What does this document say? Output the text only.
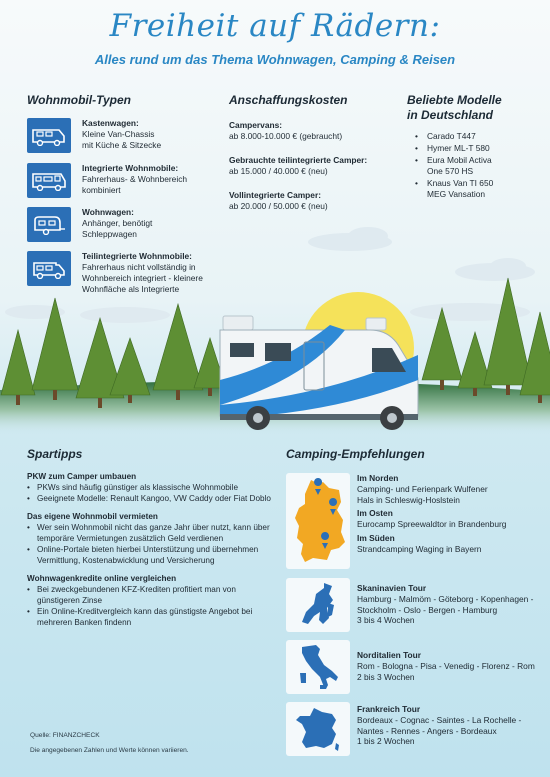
Freiheit auf Rädern:
Alles rund um das Thema Wohnwagen, Camping & Reisen
Wohnmobil-Typen
Kastenwagen:
Kleine Van-Chassis
mit Küche & Sitzecke
Integrierte Wohnmobile:
Fahrerhaus- & Wohnbereich
kombiniert
Wohnwagen:
Anhänger, benötigt
Schleppwagen
Teilintegrierte Wohnmobile:
Fahrerhaus nicht vollständig in
Wohnbereich integriert - kleinere
Wohnfläche als Integrierte
Anschaffungskosten
Campervans:
ab 8.000-10.000 € (gebraucht)
Gebrauchte teilintegrierte Camper:
ab 15.000 / 40.000 € (neu)
Vollintegrierte Camper:
ab 20.000 / 50.000 € (neu)
Beliebte Modelle
in Deutschland
• Carado T447
• Hymer ML-T 580
• Eura Mobil Activa
One 570 HS
• Knaus Van TI 650
MEG Vansation
Spartipps
PKW zum Camper umbauen
• PKWs sind häufig günstiger als klassische Wohnmobile
• Geeignete Modelle: Renault Kangoo, VW Caddy oder Fiat Doblo
Das eigene Wohnmobil vermieten
• Wer sein Wohnmobil nicht das ganze Jahr über nutzt, kann über temporäre Vermietungen zusätzlich Geld verdienen
• Online-Portale bieten hierbei Unterstützung und übernehmen Vermittlung, Kostenabwicklung und Versicherung
Wohnwagenkredite online vergleichen
• Bei zweckgebundenen KFZ-Krediten profitiert man von günstigeren Zinse
• Ein Online-Kreditvergleich kann das günstigste Angebot bei mehreren Banken findenn
Camping-Empfehlungen
Im Norden
Camping- und Ferienpark Wulfener
Hals in Schleswig-Hoslstein
Im Osten
Eurocamp Spreewaldtor in Brandenburg
Im Süden
Strandcamping Waging in Bayern
Skaninavien Tour
Hamburg - Malmöm - Göteborg - Kopenhagen -
Stockholm - Oslo - Bergen - Hamburg
3 bis 4 Wochen
Norditalien Tour
Rom - Bologna - Pisa - Venedig - Florenz - Rom
2 bis 3 Wochen
Frankreich Tour
Bordeaux - Cognac - Saintes - La Rochelle -
Nantes - Rennes - Angers - Bordeaux
1 bis 2 Wochen
Quelle: FINANZCHECK
Die angegebenen Zahlen und Werte können variieren.
